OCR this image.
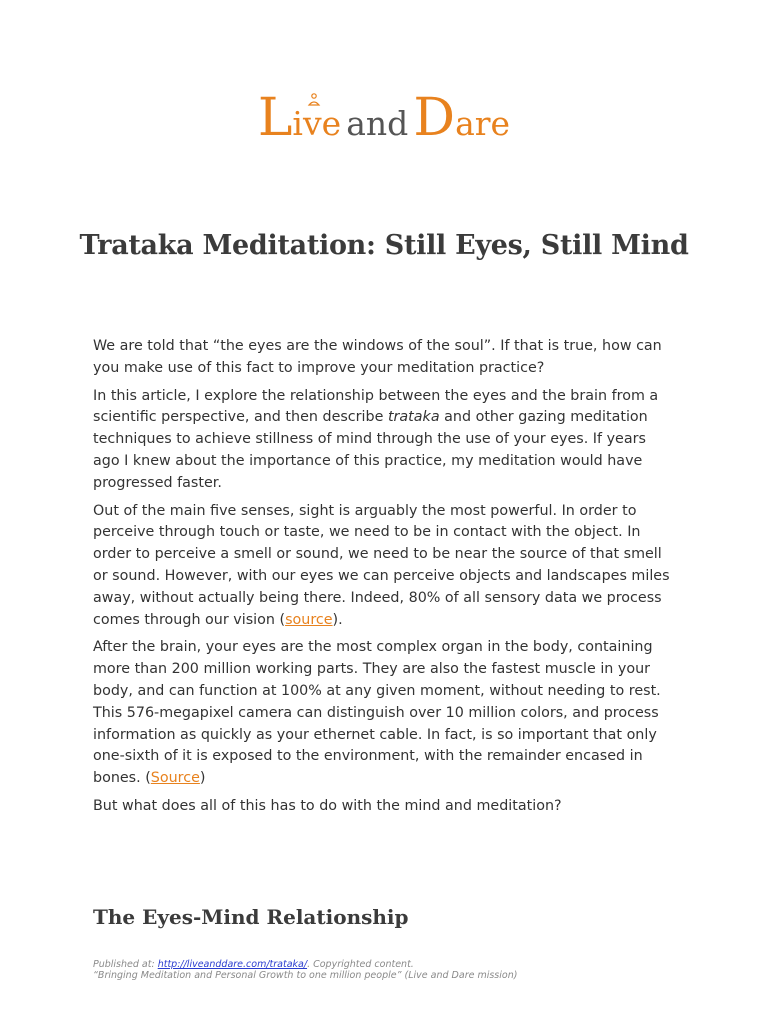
L
ive and Dare
Trataka Meditation: Still Eyes, Still Mind

We are told that “the eyes are the windows of the soul”. If that is true, how can you make use of this fact to improve your meditation practice?

In this article, I explore the relationship between the eyes and the brain from a scientific perspective, and then describe trataka and other gazing meditation techniques to achieve stillness of mind through the use of your eyes. If years ago I knew about the importance of this practice, my meditation would have progressed faster.

Out of the main five senses, sight is arguably the most powerful. In order to perceive through touch or taste, we need to be in contact with the object. In order to perceive a smell or sound, we need to be near the source of that smell or sound. However, with our eyes we can perceive objects and landscapes miles away, without actually being there. Indeed, 80% of all sensory data we process comes through our vision (source).

After the brain, your eyes are the most complex organ in the body, containing more than 200 million working parts. They are also the fastest muscle in your body, and can function at 100% at any given moment, without needing to rest. This 576-megapixel camera can distinguish over 10 million colors, and process information as quickly as your ethernet cable. In fact, is so important that only one-sixth of it is exposed to the environment, with the remainder encased in bones. (Source)

But what does all of this has to do with the mind and meditation?

The Eyes-Mind Relationship
Published at: http://liveanddare.com/trataka/. Copyrighted content.
“Bringing Meditation and Personal Growth to one million people” (Live and Dare mission)
